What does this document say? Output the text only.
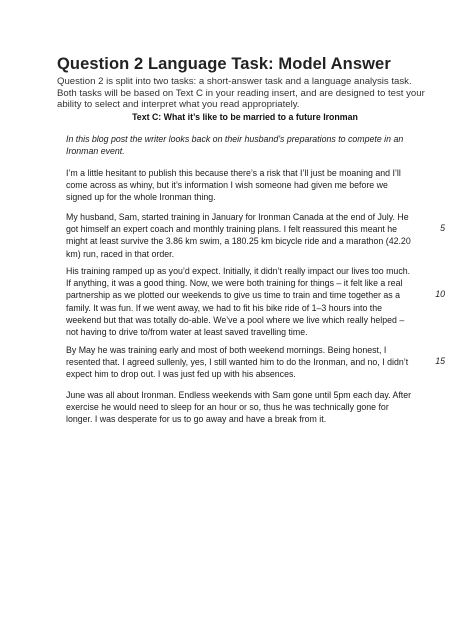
Question 2 Language Task: Model Answer
Question 2 is split into two tasks: a short-answer task and a language analysis task. Both tasks will be based on Text C in your reading insert, and are designed to test your ability to select and interpret what you read appropriately.
Text C: What it’s like to be married to a future Ironman

In this blog post the writer looks back on their husband’s preparations to compete in an Ironman event.

I’m a little hesitant to publish this because there’s a risk that I’ll just be moaning and I’ll come across as whiny, but it’s information I wish someone had given me before we signed up for the whole Ironman thing.

My husband, Sam, started training in January for Ironman Canada at the end of July. He got himself an expert coach and monthly training plans. I felt reassured this meant he might at least survive the 3.86 km swim, a 180.25 km bicycle ride and a marathon (42.20 km) run, raced in that order.

His training ramped up as you’d expect. Initially, it didn’t really impact our lives too much. If anything, it was a good thing. Now, we were both training for things – it felt like a real partnership as we plotted our weekends to give us time to train and time together as a family. It was fun. If we went away, we had to fit his bike ride of 1–3 hours into the weekend but that was totally do-able. We’ve a pool where we live which really helped – not having to drive to/from water at least saved travelling time.

By May he was training early and most of both weekend mornings. Being honest, I resented that. I agreed sullenly, yes, I still wanted him to do the Ironman, and no, I didn’t expect him to drop out. I was just fed up with his absences.

June was all about Ironman. Endless weekends with Sam gone until 5pm each day. After exercise he would need to sleep for an hour or so, thus he was technically gone for longer. I was desperate for us to go away and have a break from it.

5
10
15
